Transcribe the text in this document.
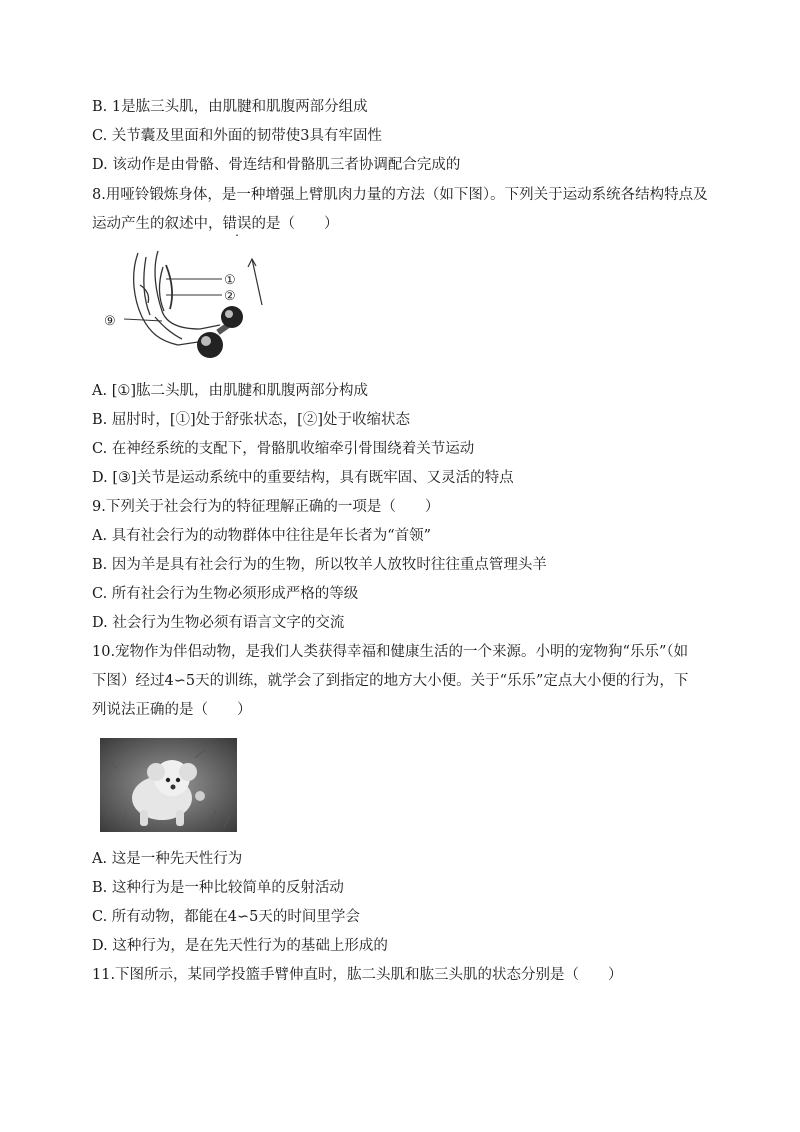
B. 1是肱三头肌，由肌腱和肌腹两部分组成
C. 关节囊及里面和外面的韧带使3具有牢固性
D. 该动作是由骨骼、骨连结和骨骼肌三者协调配合完成的
8.用哑铃锻炼身体，是一种增强上臂肌肉力量的方法（如下图）。下列关于运动系统各结构特点及
运动产生的叙述中，错误的是（　　）
①
②
⑨
A. [①]肱二头肌，由肌腱和肌腹两部分构成
B. 屈肘时，[①]处于舒张状态，[②]处于收缩状态
C. 在神经系统的支配下，骨骼肌收缩牵引骨围绕着关节运动
D. [③]关节是运动系统中的重要结构，具有既牢固、又灵活的特点
9.下列关于社会行为的特征理解正确的一项是（　　）
A. 具有社会行为的动物群体中往往是年长者为“首领”
B. 因为羊是具有社会行为的生物，所以牧羊人放牧时往往重点管理头羊
C. 所有社会行为生物必须形成严格的等级
D. 社会行为生物必须有语言文字的交流
10.宠物作为伴侣动物，是我们人类获得幸福和健康生活的一个来源。小明的宠物狗“乐乐”（如
下图）经过4∽5天的训练，就学会了到指定的地方大小便。关于“乐乐”定点大小便的行为，下
列说法正确的是（　　）
A. 这是一种先天性行为
B. 这种行为是一种比较简单的反射活动
C. 所有动物，都能在4∽5天的时间里学会
D. 这种行为，是在先天性行为的基础上形成的
11.下图所示，某同学投篮手臂伸直时，肱二头肌和肱三头肌的状态分别是（　　）
